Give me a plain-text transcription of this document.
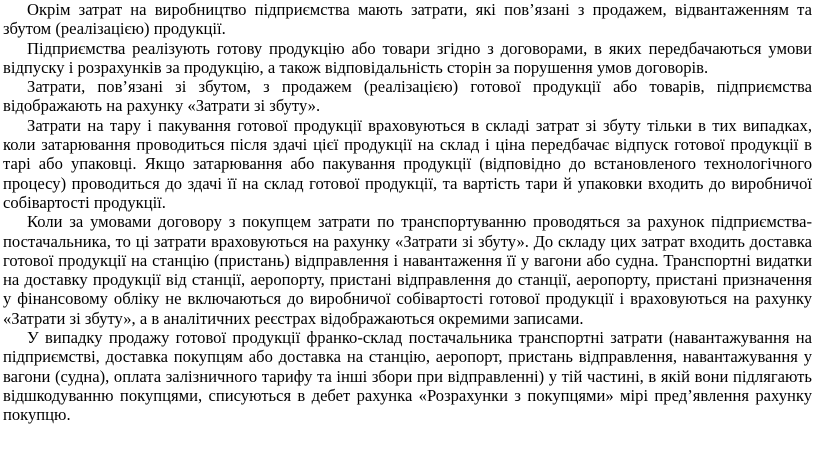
Окрім затрат на виробництво підприємства мають затрати, які пов’язані з продажем, відвантаженням та збутом (реалізацією) продукції.

Підприємства реалізують готову продукцію або товари згідно з договорами, в яких передбачаються умови відпуску і розрахунків за продукцію, а також відповідальність сторін за порушення умов договорів.

Затрати, пов’язані зі збутом, з продажем (реалізацією) готової продукції або товарів, підприємства відображають на рахунку «Затрати зі збуту».

Затрати на тару і пакування готової продукції враховуються в складі затрат зі збуту тільки в тих випадках, коли затарювання проводиться після здачі цієї продукції на склад і ціна передбачає відпуск готової продукції в тарі або упаковці. Якщо затарювання або пакування продукції (відповідно до встановленого технологічного процесу) проводиться до здачі її на склад готової продукції, та вартість тари й упаковки входить до виробничої собівартості продукції.

Коли за умовами договору з покупцем затрати по транспортуванню проводяться за рахунок підприємства-постачальника, то ці затрати враховуються на рахунку «Затрати зі збуту». До складу цих затрат входить доставка готової продукції на станцію (пристань) відправлення і навантаження її у вагони або судна. Транспортні видатки на доставку продукції від станції, аеропорту, пристані відправлення до станції, аеропорту, пристані призначення у фінансовому обліку не включаються до виробничої собівартості готової продукції і враховуються на рахунку «Затрати зі збуту», а в аналітичних реєстрах відображаються окремими записами.

У випадку продажу готової продукції франко-склад постачальника транспортні затрати (навантажування на підприємстві, доставка покупцям або доставка на станцію, аеропорт, пристань відправлення, навантажування у вагони (судна), оплата залізничного тарифу та інші збори при відправленні) у тій частині, в якій вони підлягають відшкодуванню покупцями, списуються в дебет рахунка «Розрахунки з покупцями» мірі пред’явлення рахунку покупцю.
